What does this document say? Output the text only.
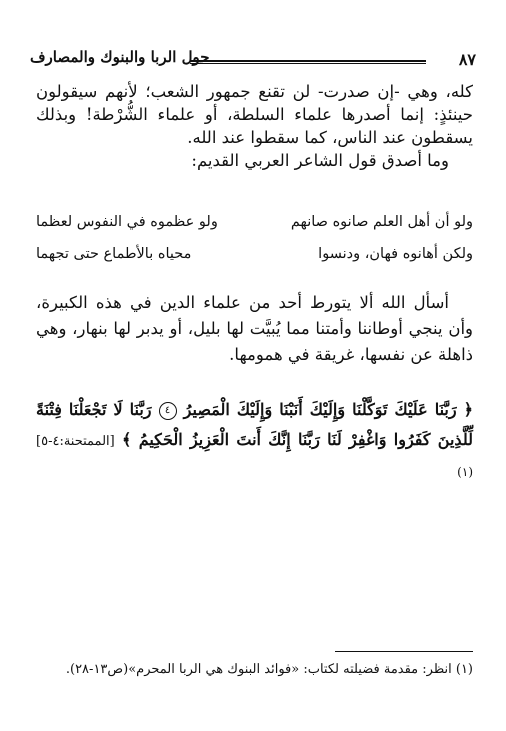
٨٧
حول الربا والبنوك والمصارف

كله، وهي -إن صدرت- لن تقنع جمهور الشعب؛ لأنهم سيقولون حينئذٍ: إنما أصدرها علماء السلطة، أو علماء الشُّرْطة! وبذلك يسقطون عند الناس، كما سقطوا عند الله.

وما أصدق قول الشاعر العربي القديم:

ولو أن أهل العلم صانوه صانهم
ولو عظموه في النفوس لعظما
ولكن أهانوه فهان، ودنسوا
محياه بالأطماع حتى تجهما

أسأل الله ألا يتورط أحد من علماء الدين في هذه الكبيرة، وأن ينجي أوطاننا وأمتنا مما يُبيَّت لها بليل، أو يدبر لها بنهار، وهي ذاهلة عن نفسها، غريقة في همومها.

﴿ رَبَّنَا عَلَيْكَ تَوَكَّلْنَا وَإِلَيْكَ أَنَبْنَا وَإِلَيْكَ الْمَصِيرُ ٤ رَبَّنَا لَا تَجْعَلْنَا فِتْنَةً لِّلَّذِينَ كَفَرُوا وَاغْفِرْ لَنَا رَبَّنَا إِنَّكَ أَنتَ الْعَزِيزُ الْحَكِيمُ ﴾ [الممتحنة:٤-٥] $^{(١)}$
(١) انظر: مقدمة فضيلته لكتاب: «فوائد البنوك هي الربا المحرم»(ص١٣-٢٨).
